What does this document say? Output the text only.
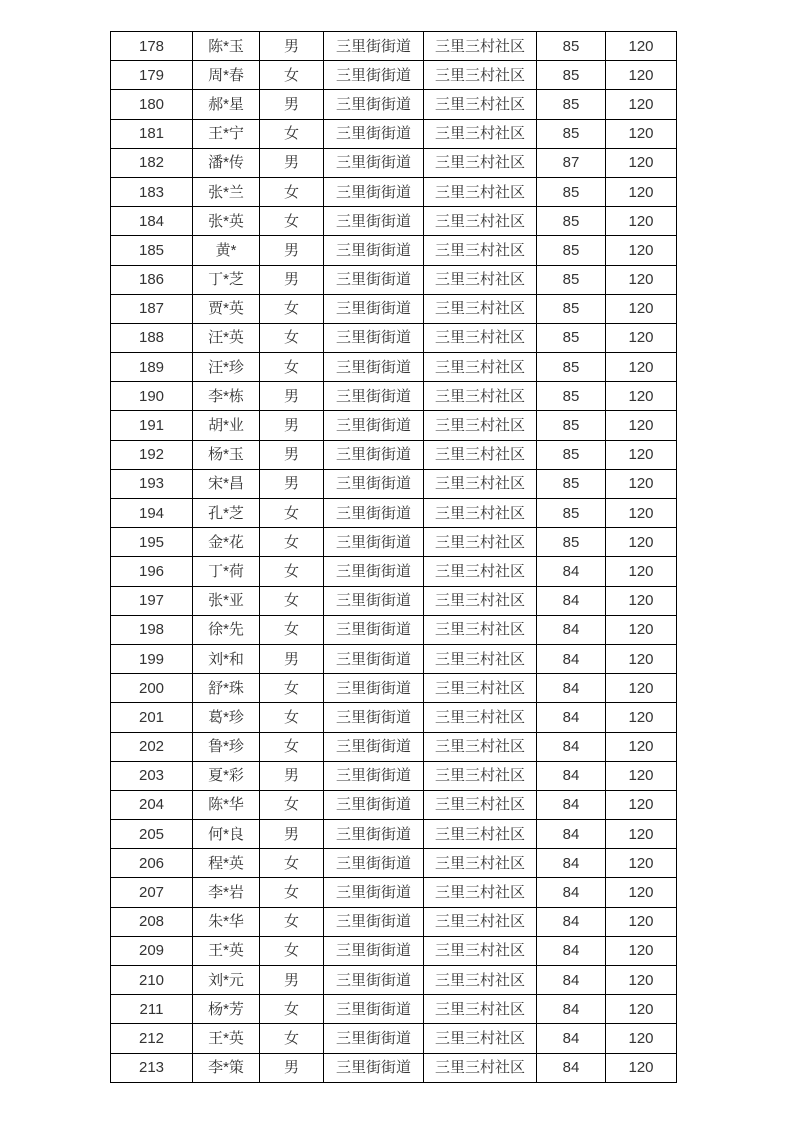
178	陈*玉	男	三里街街道	三里三村社区	85	120
179	周*春	女	三里街街道	三里三村社区	85	120
180	郝*星	男	三里街街道	三里三村社区	85	120
181	王*宁	女	三里街街道	三里三村社区	85	120
182	潘*传	男	三里街街道	三里三村社区	87	120
183	张*兰	女	三里街街道	三里三村社区	85	120
184	张*英	女	三里街街道	三里三村社区	85	120
185	黄*	男	三里街街道	三里三村社区	85	120
186	丁*芝	男	三里街街道	三里三村社区	85	120
187	贾*英	女	三里街街道	三里三村社区	85	120
188	汪*英	女	三里街街道	三里三村社区	85	120
189	汪*珍	女	三里街街道	三里三村社区	85	120
190	李*栋	男	三里街街道	三里三村社区	85	120
191	胡*业	男	三里街街道	三里三村社区	85	120
192	杨*玉	男	三里街街道	三里三村社区	85	120
193	宋*昌	男	三里街街道	三里三村社区	85	120
194	孔*芝	女	三里街街道	三里三村社区	85	120
195	金*花	女	三里街街道	三里三村社区	85	120
196	丁*荷	女	三里街街道	三里三村社区	84	120
197	张*亚	女	三里街街道	三里三村社区	84	120
198	徐*先	女	三里街街道	三里三村社区	84	120
199	刘*和	男	三里街街道	三里三村社区	84	120
200	舒*珠	女	三里街街道	三里三村社区	84	120
201	葛*珍	女	三里街街道	三里三村社区	84	120
202	鲁*珍	女	三里街街道	三里三村社区	84	120
203	夏*彩	男	三里街街道	三里三村社区	84	120
204	陈*华	女	三里街街道	三里三村社区	84	120
205	何*良	男	三里街街道	三里三村社区	84	120
206	程*英	女	三里街街道	三里三村社区	84	120
207	李*岩	女	三里街街道	三里三村社区	84	120
208	朱*华	女	三里街街道	三里三村社区	84	120
209	王*英	女	三里街街道	三里三村社区	84	120
210	刘*元	男	三里街街道	三里三村社区	84	120
211	杨*芳	女	三里街街道	三里三村社区	84	120
212	王*英	女	三里街街道	三里三村社区	84	120
213	李*策	男	三里街街道	三里三村社区	84	120
